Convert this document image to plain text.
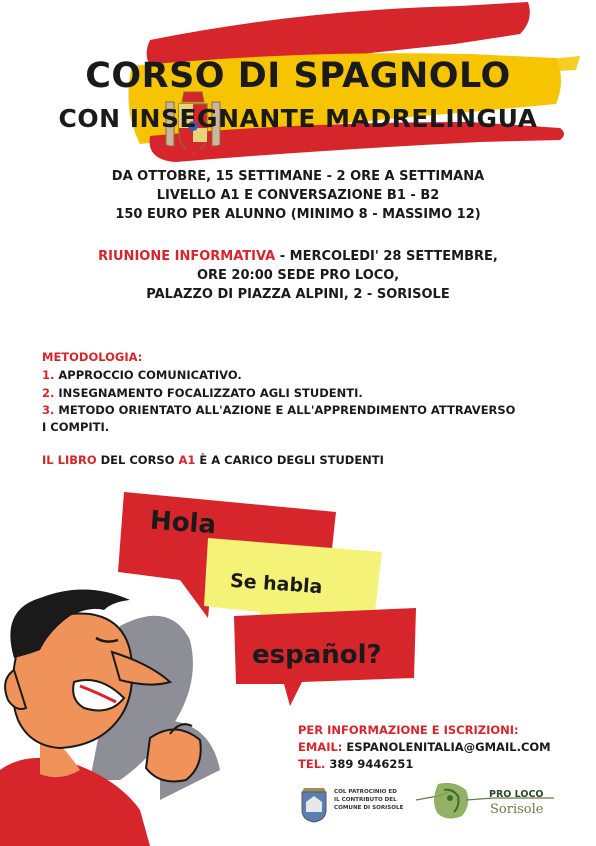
CORSO DI SPAGNOLO
CON INSEGNANTE MADRELINGUA
DA OTTOBRE, 15 SETTIMANE - 2 ORE A SETTIMANA
LIVELLO A1 E CONVERSAZIONE B1 - B2
150 EURO PER ALUNNO (MINIMO 8 - MASSIMO 12)
RIUNIONE INFORMATIVA - MERCOLEDI' 28 SETTEMBRE,
ORE 20:00 SEDE PRO LOCO,
PALAZZO DI PIAZZA ALPINI, 2 - SORISOLE
METODOLOGIA:
1. APPROCCIO COMUNICATIVO.
2. INSEGNAMENTO FOCALIZZATO AGLI STUDENTI.
3. METODO ORIENTATO ALL'AZIONE E ALL'APPRENDIMENTO ATTRAVERSO
I COMPITI.
IL LIBRO DEL CORSO A1 È A CARICO DEGLI STUDENTI
Hola
Se habla
español?
PER INFORMAZIONE E ISCRIZIONI:
EMAIL: ESPANOLENITALIA@GMAIL.COM
TEL. 389 9446251
COL PATROCINIO ED
IL CONTRIBUTO DEL
COMUNE DI SORISOLE
PRO LOCO
Sorisole
